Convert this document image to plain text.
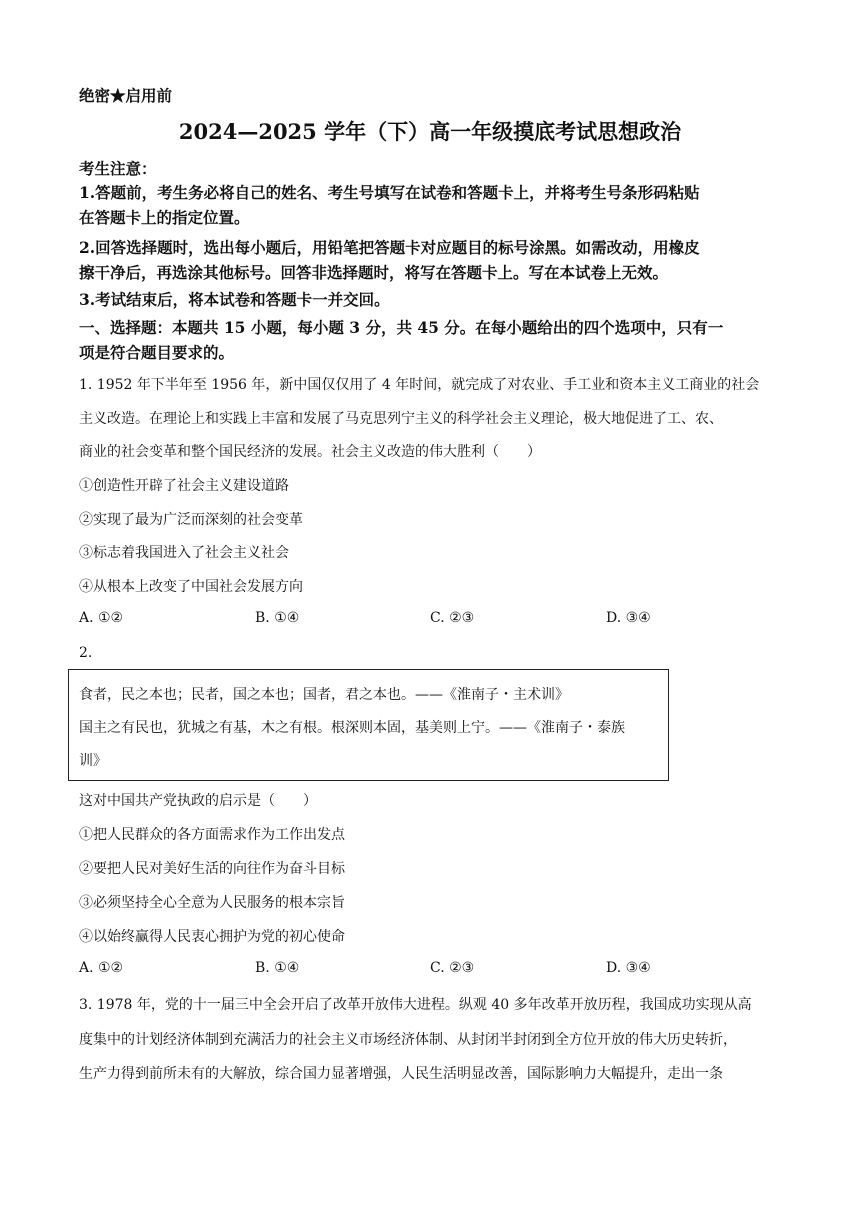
绝密★启用前
2024—2025 学年（下）高一年级摸底考试思想政治
考生注意：
1.答题前，考生务必将自己的姓名、考生号填写在试卷和答题卡上，并将考生号条形码粘贴
在答题卡上的指定位置。
2.回答选择题时，选出每小题后，用铅笔把答题卡对应题目的标号涂黑。如需改动，用橡皮
擦干净后，再选涂其他标号。回答非选择题时，将写在答题卡上。写在本试卷上无效。
3.考试结束后，将本试卷和答题卡一并交回。
一、选择题：本题共 15 小题，每小题 3 分，共 45 分。在每小题给出的四个选项中，只有一
项是符合题目要求的。
1. 1952 年下半年至 1956 年，新中国仅仅用了 4 年时间，就完成了对农业、手工业和资本主义工商业的社会
主义改造。在理论上和实践上丰富和发展了马克思列宁主义的科学社会主义理论，极大地促进了工、农、
商业的社会变革和整个国民经济的发展。社会主义改造的伟大胜利（　　）
①创造性开辟了社会主义建设道路
②实现了最为广泛而深刻的社会变革
③标志着我国进入了社会主义社会
④从根本上改变了中国社会发展方向
A. ①②	B. ①④	C. ②③	D. ③④
2.
食者，民之本也；民者，国之本也；国者，君之本也。——《淮南子・主术训》
国主之有民也，犹城之有基，木之有根。根深则本固，基美则上宁。——《淮南子・泰族
训》
这对中国共产党执政的启示是（　　）
①把人民群众的各方面需求作为工作出发点
②要把人民对美好生活的向往作为奋斗目标
③必须坚持全心全意为人民服务的根本宗旨
④以始终赢得人民衷心拥护为党的初心使命
A. ①②	B. ①④	C. ②③	D. ③④
3. 1978 年，党的十一届三中全会开启了改革开放伟大进程。纵观 40 多年改革开放历程，我国成功实现从高
度集中的计划经济体制到充满活力的社会主义市场经济体制、从封闭半封闭到全方位开放的伟大历史转折，
生产力得到前所未有的大解放，综合国力显著增强，人民生活明显改善，国际影响力大幅提升，走出一条
